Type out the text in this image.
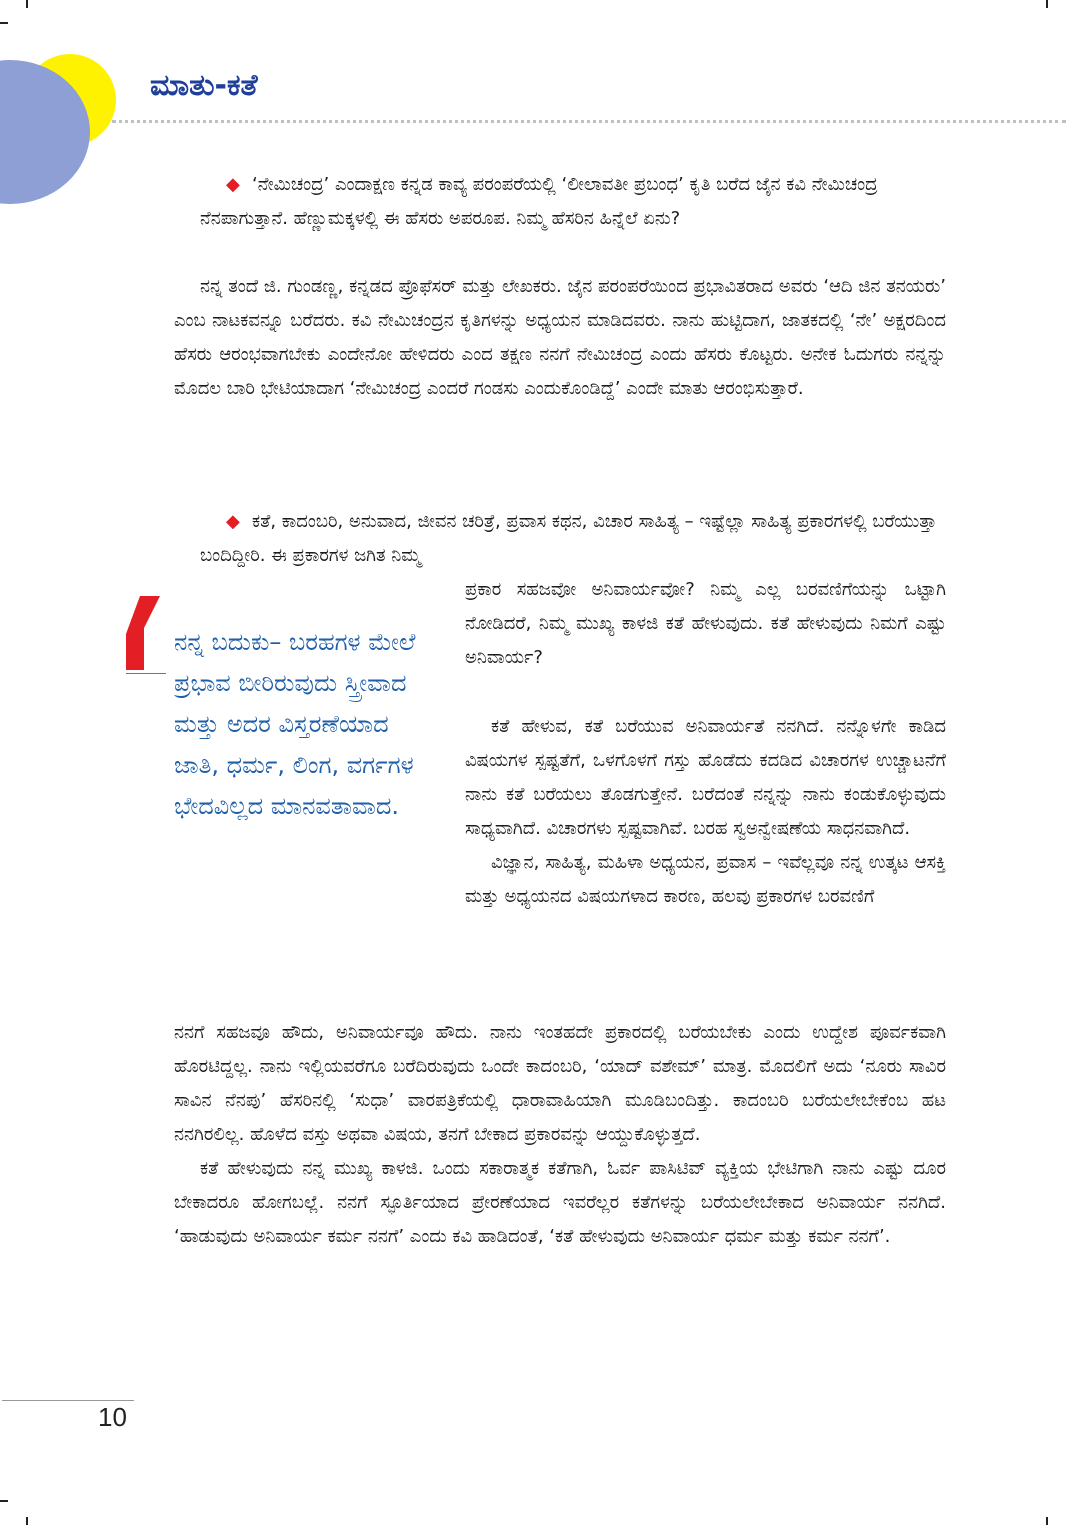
ಮಾತು-ಕತೆ

◆ ‘ನೇಮಿಚಂದ್ರ’ ಎಂದಾಕ್ಷಣ ಕನ್ನಡ ಕಾವ್ಯ ಪರಂಪರೆಯಲ್ಲಿ ‘ಲೀಲಾವತೀ ಪ್ರಬಂಧ’ ಕೃತಿ ಬರೆದ ಜೈನ ಕವಿ ನೇಮಿಚಂದ್ರ ನೆನಪಾಗುತ್ತಾನೆ. ಹೆಣ್ಣುಮಕ್ಕಳಲ್ಲಿ ಈ ಹೆಸರು ಅಪರೂಪ. ನಿಮ್ಮ ಹೆಸರಿನ ಹಿನ್ನೆಲೆ ಏನು?

ನನ್ನ ತಂದೆ ಜಿ. ಗುಂಡಣ್ಣ, ಕನ್ನಡದ ಪ್ರೊಫೆಸರ್ ಮತ್ತು ಲೇಖಕರು. ಜೈನ ಪರಂಪರೆಯಿಂದ ಪ್ರಭಾವಿತರಾದ ಅವರು ‘ಆದಿ ಜಿನ ತನಯರು’ ಎಂಬ ನಾಟಕವನ್ನೂ ಬರೆದರು. ಕವಿ ನೇಮಿಚಂದ್ರನ ಕೃತಿಗಳನ್ನು ಅಧ್ಯಯನ ಮಾಡಿದವರು. ನಾನು ಹುಟ್ಟಿದಾಗ, ಜಾತಕದಲ್ಲಿ ‘ನೇ’ ಅಕ್ಷರದಿಂದ ಹೆಸರು ಆರಂಭವಾಗಬೇಕು ಎಂದೇನೋ ಹೇಳಿದರು ಎಂದ ತಕ್ಷಣ ನನಗೆ ನೇಮಿಚಂದ್ರ ಎಂದು ಹೆಸರು ಕೊಟ್ಟರು. ಅನೇಕ ಓದುಗರು ನನ್ನನ್ನು ಮೊದಲ ಬಾರಿ ಭೇಟಿಯಾದಾಗ ‘ನೇಮಿಚಂದ್ರ ಎಂದರೆ ಗಂಡಸು ಎಂದುಕೊಂಡಿದ್ದೆ’ ಎಂದೇ ಮಾತು ಆರಂಭಿಸುತ್ತಾರೆ.

◆ ಕತೆ, ಕಾದಂಬರಿ, ಅನುವಾದ, ಜೀವನ ಚರಿತ್ರೆ, ಪ್ರವಾಸ ಕಥನ, ವಿಚಾರ ಸಾಹಿತ್ಯ – ಇಷ್ಟೆಲ್ಲಾ ಸಾಹಿತ್ಯ ಪ್ರಕಾರಗಳಲ್ಲಿ ಬರೆಯುತ್ತಾ ಬಂದಿದ್ದೀರಿ. ಈ ಪ್ರಕಾರಗಳ ಜಗಿತ ನಿಮ್ಮ

ಪ್ರಕಾರ ಸಹಜವೋ ಅನಿವಾರ್ಯವೋ? ನಿಮ್ಮ ಎಲ್ಲ ಬರವಣಿಗೆಯನ್ನು ಒಟ್ಟಾಗಿ ನೋಡಿದರೆ, ನಿಮ್ಮ ಮುಖ್ಯ ಕಾಳಜಿ ಕತೆ ಹೇಳುವುದು. ಕತೆ ಹೇಳುವುದು ನಿಮಗೆ ಎಷ್ಟು ಅನಿವಾರ್ಯ?

ನನ್ನ ಬದುಕು– ಬರಹಗಳ ಮೇಲೆ ಪ್ರಭಾವ ಬೀರಿರುವುದು ಸ್ತ್ರೀವಾದ ಮತ್ತು ಅದರ ವಿಸ್ತರಣೆಯಾದ ಜಾತಿ, ಧರ್ಮ, ಲಿಂಗ, ವರ್ಗಗಳ ಭೇದವಿಲ್ಲದ ಮಾನವತಾವಾದ.

ಕತೆ ಹೇಳುವ, ಕತೆ ಬರೆಯುವ ಅನಿವಾರ್ಯತೆ ನನಗಿದೆ. ನನ್ನೊಳಗೇ ಕಾಡಿದ ವಿಷಯಗಳ ಸ್ಪಷ್ಟತೆಗೆ, ಒಳಗೊಳಗೆ ಗಸ್ತು ಹೊಡೆದು ಕದಡಿದ ವಿಚಾರಗಳ ಉಚ್ಚಾಟನೆಗೆ ನಾನು ಕತೆ ಬರೆಯಲು ತೊಡಗುತ್ತೇನೆ. ಬರೆದಂತೆ ನನ್ನನ್ನು ನಾನು ಕಂಡುಕೊಳ್ಳುವುದು ಸಾಧ್ಯವಾಗಿದೆ. ವಿಚಾರಗಳು ಸ್ಪಷ್ಟವಾಗಿವೆ. ಬರಹ ಸ್ವಅನ್ವೇಷಣೆಯ ಸಾಧನವಾಗಿದೆ.

ವಿಜ್ಞಾನ, ಸಾಹಿತ್ಯ, ಮಹಿಳಾ ಅಧ್ಯಯನ, ಪ್ರವಾಸ – ಇವೆಲ್ಲವೂ ನನ್ನ ಉತ್ಕಟ ಆಸಕ್ತಿ ಮತ್ತು ಅಧ್ಯಯನದ ವಿಷಯಗಳಾದ ಕಾರಣ, ಹಲವು ಪ್ರಕಾರಗಳ ಬರವಣಿಗೆ

ನನಗೆ ಸಹಜವೂ ಹೌದು, ಅನಿವಾರ್ಯವೂ ಹೌದು. ನಾನು ಇಂತಹದೇ ಪ್ರಕಾರದಲ್ಲಿ ಬರೆಯಬೇಕು ಎಂದು ಉದ್ದೇಶ ಪೂರ್ವಕವಾಗಿ ಹೊರಟಿದ್ದಲ್ಲ. ನಾನು ಇಲ್ಲಿಯವರೆಗೂ ಬರೆದಿರುವುದು ಒಂದೇ ಕಾದಂಬರಿ, ‘ಯಾದ್ ವಶೇಮ್’ ಮಾತ್ರ. ಮೊದಲಿಗೆ ಅದು ‘ನೂರು ಸಾವಿರ ಸಾವಿನ ನೆನಪು’ ಹೆಸರಿನಲ್ಲಿ ‘ಸುಧಾ’ ವಾರಪತ್ರಿಕೆಯಲ್ಲಿ ಧಾರಾವಾಹಿಯಾಗಿ ಮೂಡಿಬಂದಿತ್ತು. ಕಾದಂಬರಿ ಬರೆಯಲೇಬೇಕೆಂಬ ಹಟ ನನಗಿರಲಿಲ್ಲ. ಹೊಳೆದ ವಸ್ತು ಅಥವಾ ವಿಷಯ, ತನಗೆ ಬೇಕಾದ ಪ್ರಕಾರವನ್ನು ಆಯ್ದುಕೊಳ್ಳುತ್ತದೆ.

ಕತೆ ಹೇಳುವುದು ನನ್ನ ಮುಖ್ಯ ಕಾಳಜಿ. ಒಂದು ಸಕಾರಾತ್ಮಕ ಕತೆಗಾಗಿ, ಓರ್ವ ಪಾಸಿಟಿವ್ ವ್ಯಕ್ತಿಯ ಭೇಟಿಗಾಗಿ ನಾನು ಎಷ್ಟು ದೂರ ಬೇಕಾದರೂ ಹೋಗಬಲ್ಲೆ. ನನಗೆ ಸ್ಫೂರ್ತಿಯಾದ ಪ್ರೇರಣೆಯಾದ ಇವರೆಲ್ಲರ ಕತೆಗಳನ್ನು ಬರೆಯಲೇಬೇಕಾದ ಅನಿವಾರ್ಯ ನನಗಿದೆ. ‘ಹಾಡುವುದು ಅನಿವಾರ್ಯ ಕರ್ಮ ನನಗೆ’ ಎಂದು ಕವಿ ಹಾಡಿದಂತೆ, ‘ಕತೆ ಹೇಳುವುದು ಅನಿವಾರ್ಯ ಧರ್ಮ ಮತ್ತು ಕರ್ಮ ನನಗೆ’.

10
